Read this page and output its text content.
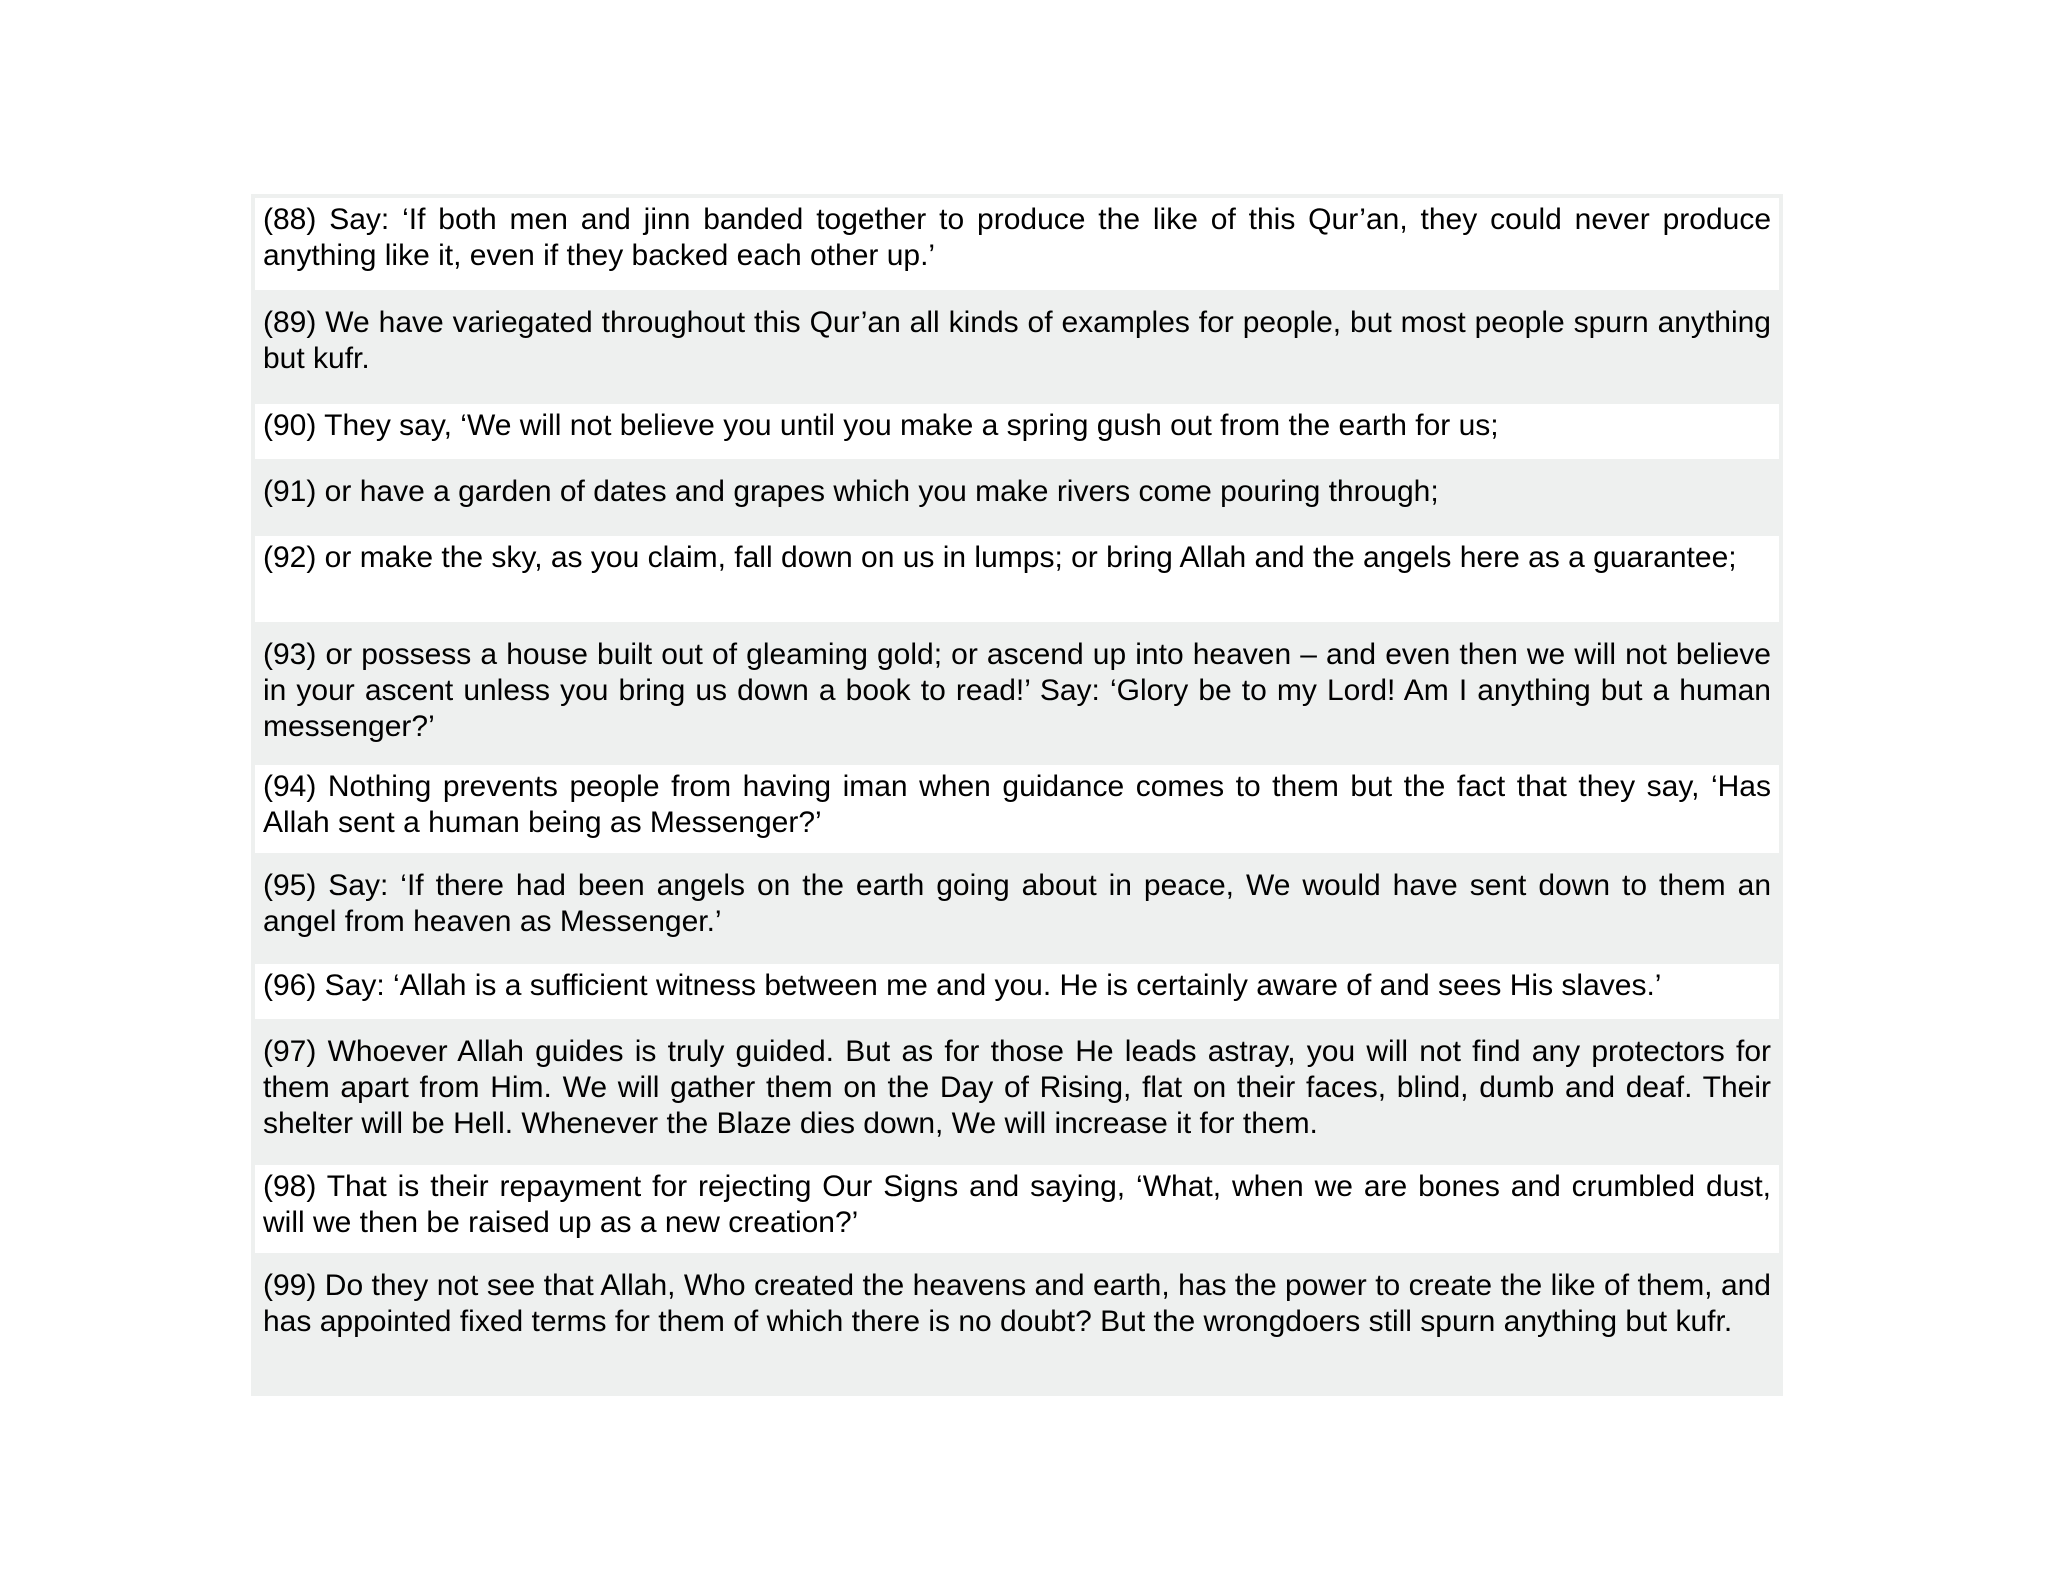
(88) Say: ‘If both men and jinn banded together to produce the like of this Qur’an, they could never produce anything like it, even if they backed each other up.’
(89) We have variegated throughout this Qur’an all kinds of examples for people, but most people spurn anything but kufr.
(90) They say, ‘We will not believe you until you make a spring gush out from the earth for us;
(91) or have a garden of dates and grapes which you make rivers come pouring through;
(92) or make the sky, as you claim, fall down on us in lumps; or bring Allah and the angels here as a guarantee;
(93) or possess a house built out of gleaming gold; or ascend up into heaven – and even then we will not believe in your ascent unless you bring us down a book to read!’ Say: ‘Glory be to my Lord! Am I anything but a human messenger?’
(94) Nothing prevents people from having iman when guidance comes to them but the fact that they say, ‘Has Allah sent a human being as Messenger?’
(95) Say: ‘If there had been angels on the earth going about in peace, We would have sent down to them an angel from heaven as Messenger.’
(96) Say: ‘Allah is a sufficient witness between me and you. He is certainly aware of and sees His slaves.’
(97) Whoever Allah guides is truly guided. But as for those He leads astray, you will not find any protectors for them apart from Him. We will gather them on the Day of Rising, flat on their faces, blind, dumb and deaf. Their shelter will be Hell. Whenever the Blaze dies down, We will increase it for them.
(98) That is their repayment for rejecting Our Signs and saying, ‘What, when we are bones and crumbled dust, will we then be raised up as a new creation?’
(99) Do they not see that Allah, Who created the heavens and earth, has the power to create the like of them, and has appointed fixed terms for them of which there is no doubt? But the wrongdoers still spurn anything but kufr.
